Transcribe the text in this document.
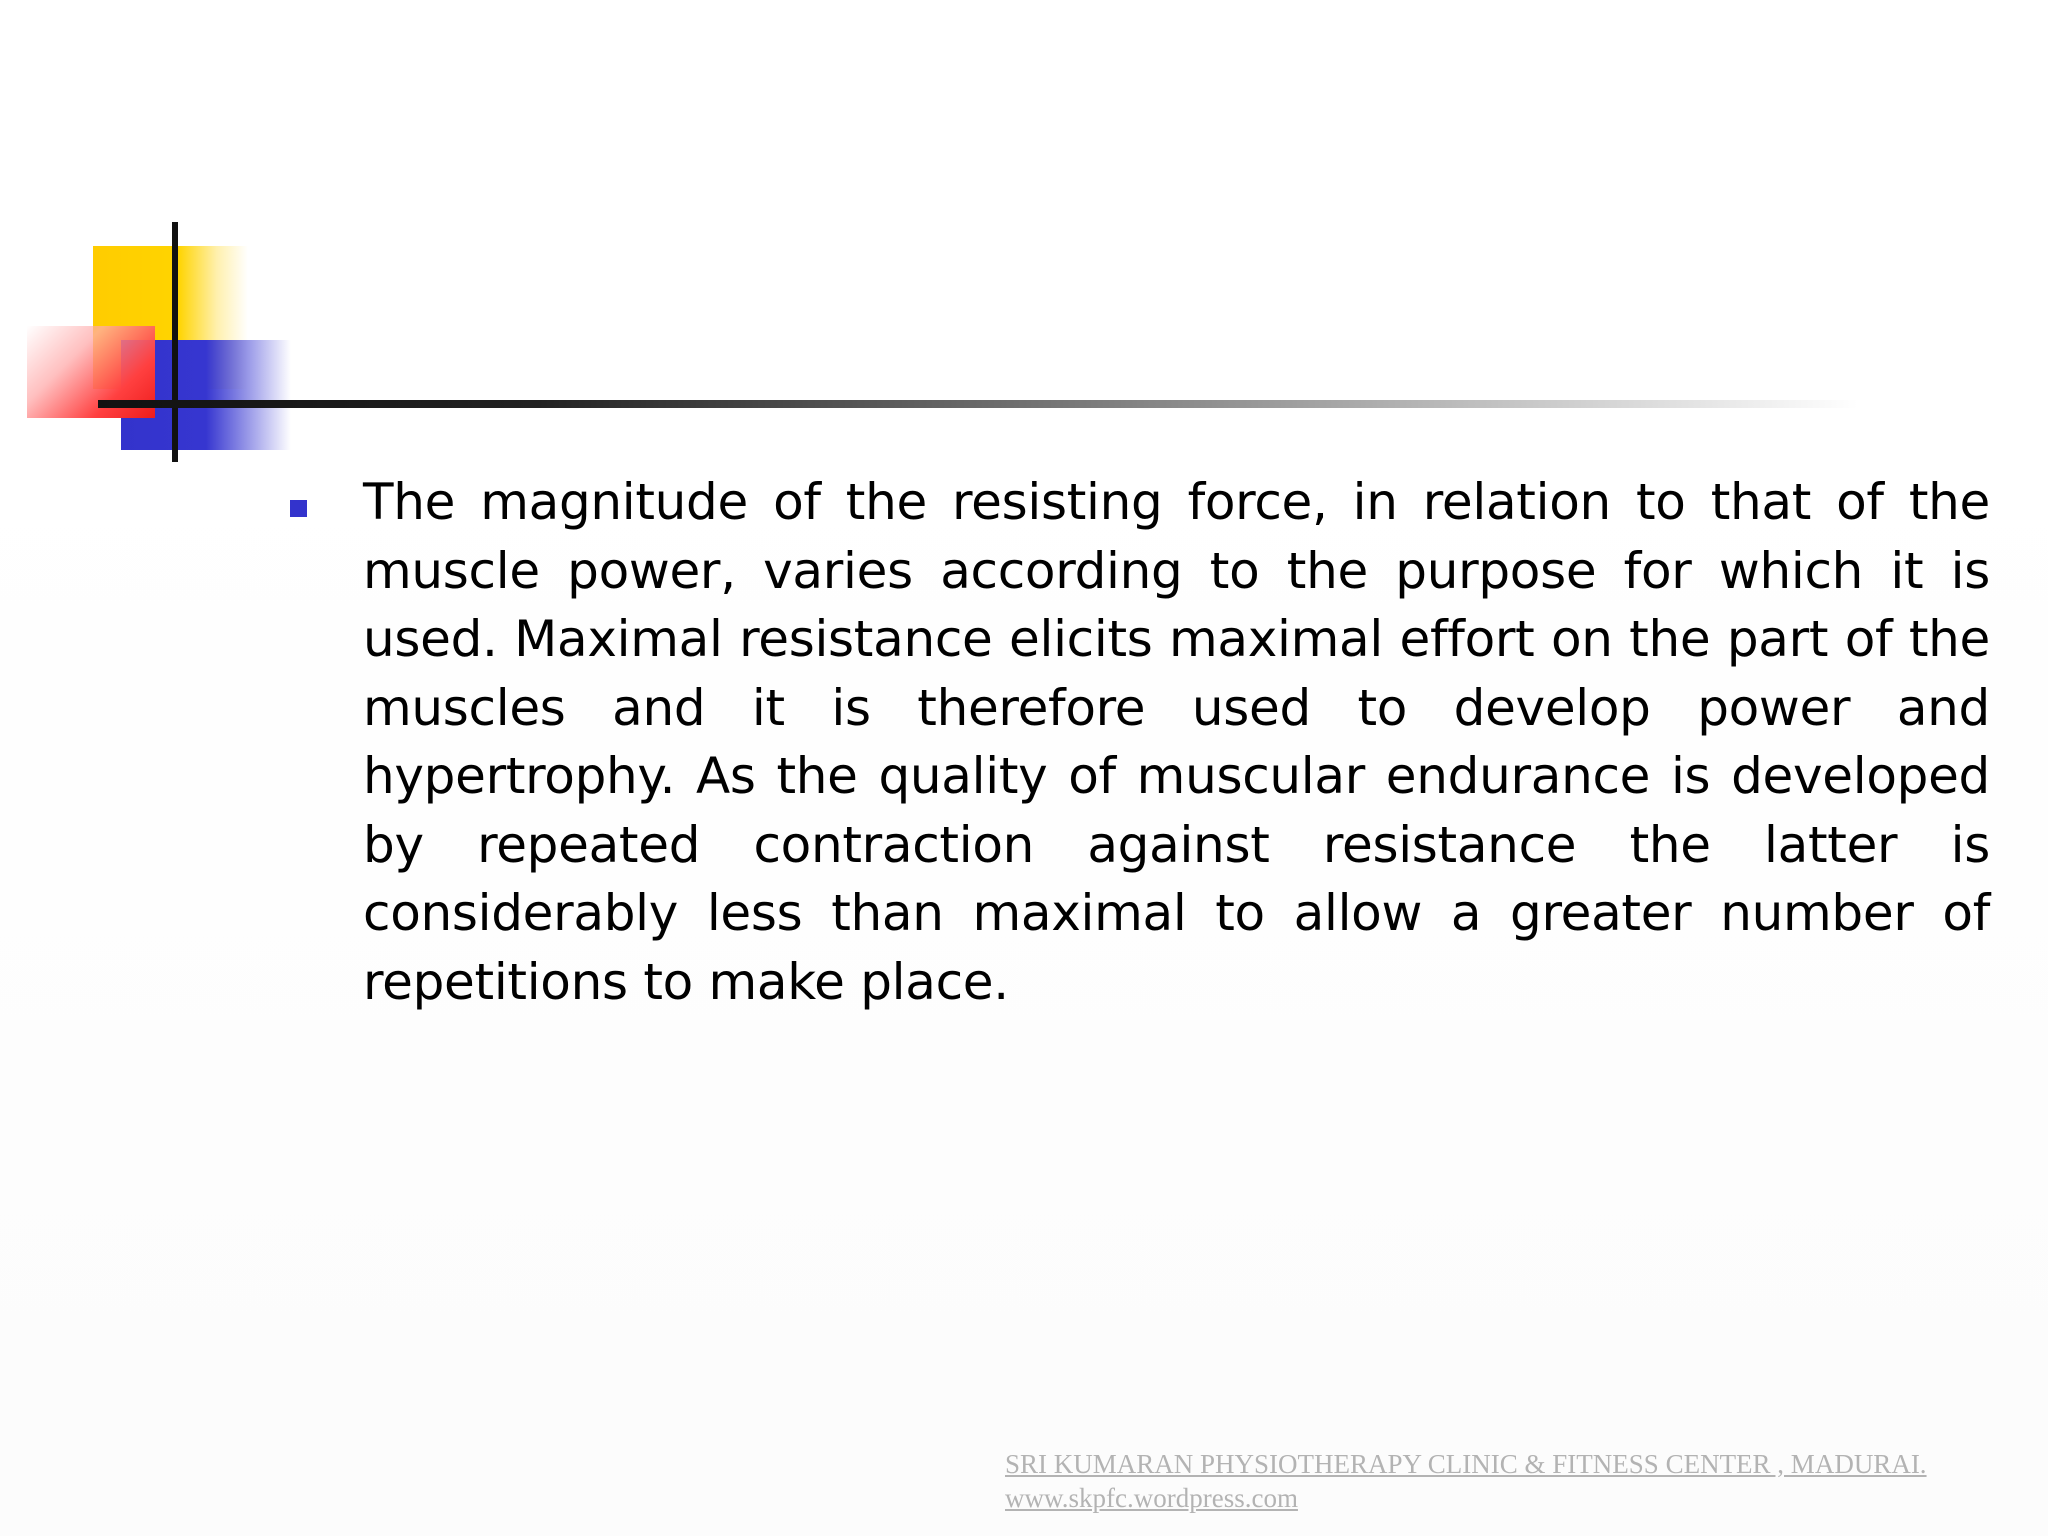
The magnitude of the resisting force, in relation to that of the muscle power, varies according to the purpose for which it is used. Maximal resistance elicits maximal effort on the part of the muscles and it is therefore used to develop power and hypertrophy. As the quality of muscular endurance is developed by repeated contraction against resistance the latter is considerably less than maximal to allow a greater number of repetitions to make place.

SRI KUMARAN PHYSIOTHERAPY CLINIC & FITNESS CENTER , MADURAI.
www.skpfc.wordpress.com
